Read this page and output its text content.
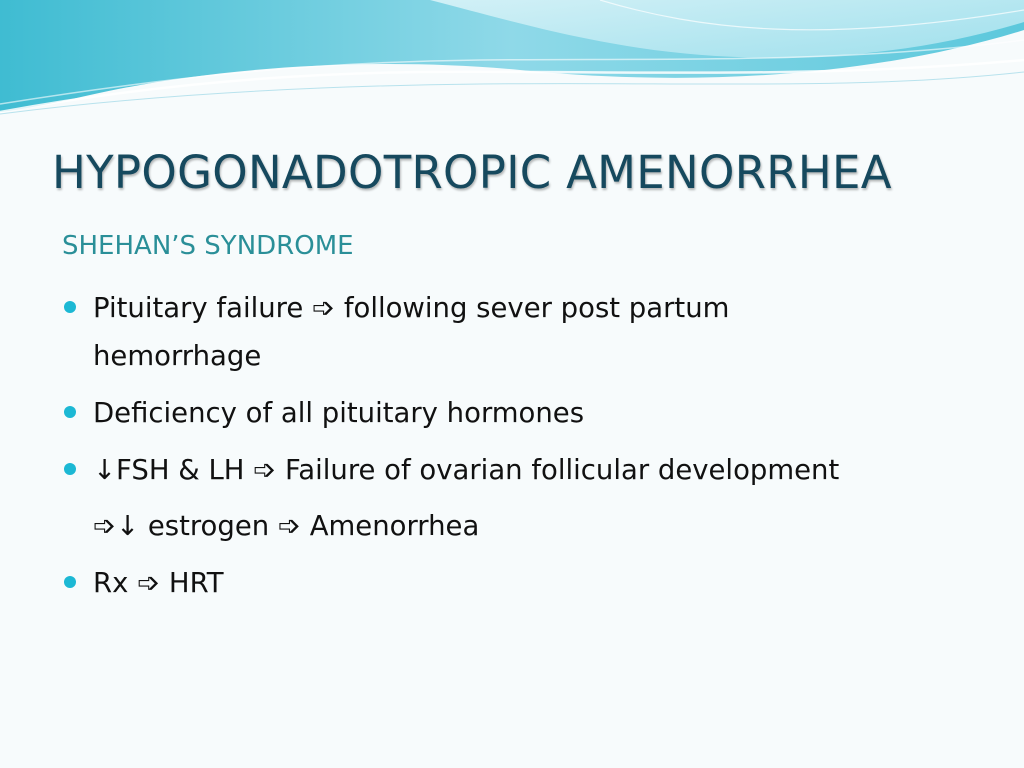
HYPOGONADOTROPIC AMENORRHEA
SHEHAN’S SYNDROME
Pituitary failure ➩ following sever post partum hemorrhage
Deficiency of all pituitary hormones
↓FSH & LH ➩ Failure of ovarian follicular development
➩↓ estrogen ➩ Amenorrhea
Rx ➩ HRT
